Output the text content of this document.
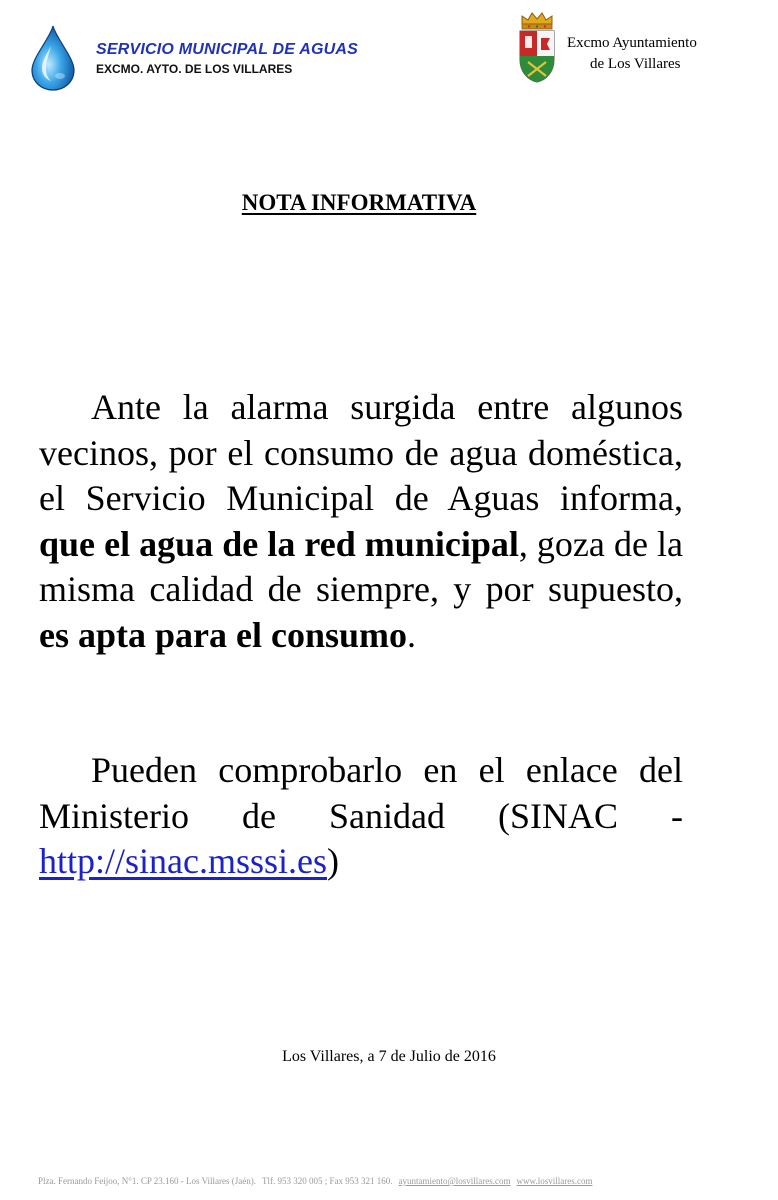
SERVICIO MUNICIPAL DE AGUAS
EXCMO. AYTO. DE LOS VILLARES
Excmo Ayuntamiento
de Los Villares
NOTA INFORMATIVA
Ante la alarma surgida entre algunos vecinos, por el consumo de agua doméstica, el Servicio Municipal de Aguas informa, que el agua de la red municipal, goza de la misma calidad de siempre, y por supuesto, es apta para el consumo.
Pueden comprobarlo en el enlace del Ministerio de Sanidad (SINAC - http://sinac.msssi.es)
Los Villares, a 7 de Julio de 2016
Plza. Fernando Feijoo, N°1. CP 23.160 - Los Villares (Jaén). Tlf. 953 320 005 ; Fax 953 321 160. ayuntamiento@losvillares.com www.losvillares.com
